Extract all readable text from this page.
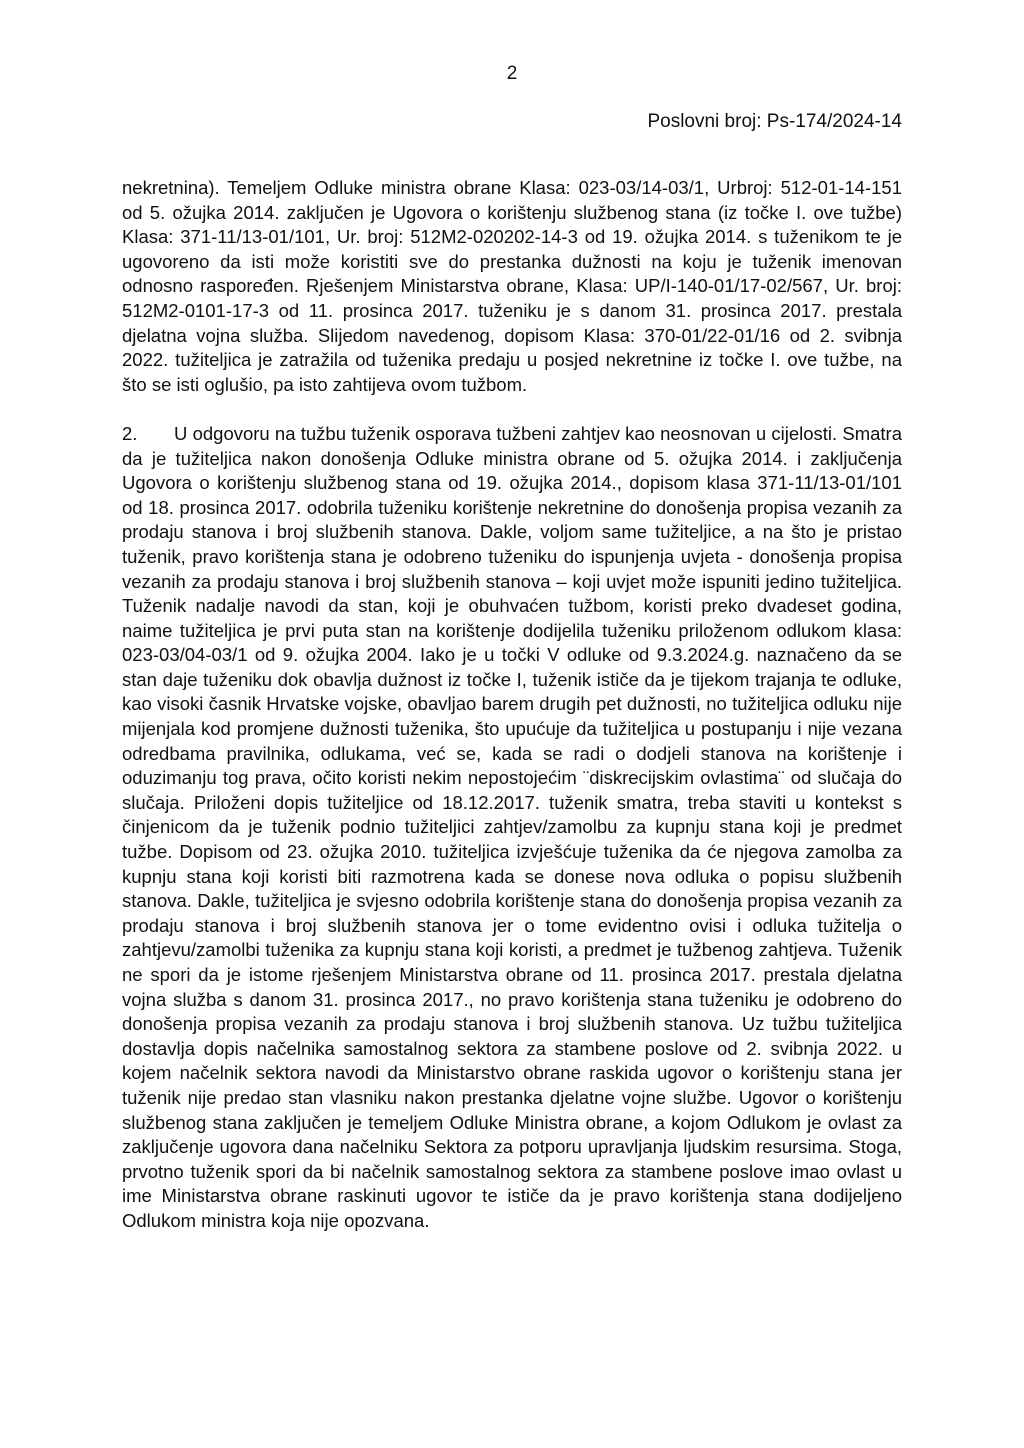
2
Poslovni broj: Ps-174/2024-14

nekretnina). Temeljem Odluke ministra obrane Klasa: 023-03/14-03/1, Urbroj: 512-01-14-151 od 5. ožujka 2014. zaključen je Ugovora o korištenju službenog stana (iz točke I. ove tužbe) Klasa: 371-11/13-01/101, Ur. broj: 512M2-020202-14-3 od 19. ožujka 2014. s tuženikom te je ugovoreno da isti može koristiti sve do prestanka dužnosti na koju je tuženik imenovan odnosno raspoređen. Rješenjem Ministarstva obrane, Klasa: UP/I-140-01/17-02/567, Ur. broj: 512M2-0101-17-3 od 11. prosinca 2017. tuženiku je s danom 31. prosinca 2017. prestala djelatna vojna služba. Slijedom navedenog, dopisom Klasa: 370-01/22-01/16 od 2. svibnja 2022. tužiteljica je zatražila od tuženika predaju u posjed nekretnine iz točke I. ove tužbe, na što se isti oglušio, pa isto zahtijeva ovom tužbom.

2. U odgovoru na tužbu tuženik osporava tužbeni zahtjev kao neosnovan u cijelosti. Smatra da je tužiteljica nakon donošenja Odluke ministra obrane od 5. ožujka 2014. i zaključenja Ugovora o korištenju službenog stana od 19. ožujka 2014., dopisom klasa 371-11/13-01/101 od 18. prosinca 2017. odobrila tuženiku korištenje nekretnine do donošenja propisa vezanih za prodaju stanova i broj službenih stanova. Dakle, voljom same tužiteljice, a na što je pristao tuženik, pravo korištenja stana je odobreno tuženiku do ispunjenja uvjeta - donošenja propisa vezanih za prodaju stanova i broj službenih stanova – koji uvjet može ispuniti jedino tužiteljica. Tuženik nadalje navodi da stan, koji je obuhvaćen tužbom, koristi preko dvadeset godina, naime tužiteljica je prvi puta stan na korištenje dodijelila tuženiku priloženom odlukom klasa: 023-03/04-03/1 od 9. ožujka 2004. Iako je u točki V odluke od 9.3.2024.g. naznačeno da se stan daje tuženiku dok obavlja dužnost iz točke I, tuženik ističe da je tijekom trajanja te odluke, kao visoki časnik Hrvatske vojske, obavljao barem drugih pet dužnosti, no tužiteljica odluku nije mijenjala kod promjene dužnosti tuženika, što upućuje da tužiteljica u postupanju i nije vezana odredbama pravilnika, odlukama, već se, kada se radi o dodjeli stanova na korištenje i oduzimanju tog prava, očito koristi nekim nepostojećim ¨diskrecijskim ovlastima¨ od slučaja do slučaja. Priloženi dopis tužiteljice od 18.12.2017. tuženik smatra, treba staviti u kontekst s činjenicom da je tuženik podnio tužiteljici zahtjev/zamolbu za kupnju stana koji je predmet tužbe. Dopisom od 23. ožujka 2010. tužiteljica izvješćuje tuženika da će njegova zamolba za kupnju stana koji koristi biti razmotrena kada se donese nova odluka o popisu službenih stanova. Dakle, tužiteljica je svjesno odobrila korištenje stana do donošenja propisa vezanih za prodaju stanova i broj službenih stanova jer o tome evidentno ovisi i odluka tužitelja o zahtjevu/zamolbi tuženika za kupnju stana koji koristi, a predmet je tužbenog zahtjeva. Tuženik ne spori da je istome rješenjem Ministarstva obrane od 11. prosinca 2017. prestala djelatna vojna služba s danom 31. prosinca 2017., no pravo korištenja stana tuženiku je odobreno do donošenja propisa vezanih za prodaju stanova i broj službenih stanova. Uz tužbu tužiteljica dostavlja dopis načelnika samostalnog sektora za stambene poslove od 2. svibnja 2022. u kojem načelnik sektora navodi da Ministarstvo obrane raskida ugovor o korištenju stana jer tuženik nije predao stan vlasniku nakon prestanka djelatne vojne službe. Ugovor o korištenju službenog stana zaključen je temeljem Odluke Ministra obrane, a kojom Odlukom je ovlast za zaključenje ugovora dana načelniku Sektora za potporu upravljanja ljudskim resursima. Stoga, prvotno tuženik spori da bi načelnik samostalnog sektora za stambene poslove imao ovlast u ime Ministarstva obrane raskinuti ugovor te ističe da je pravo korištenja stana dodijeljeno Odlukom ministra koja nije opozvana.
